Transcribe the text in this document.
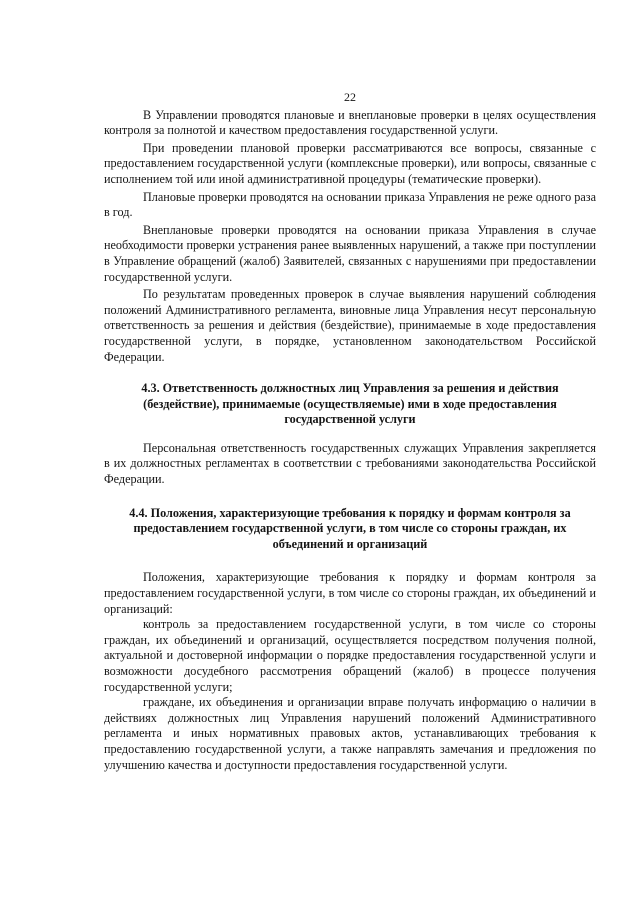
22

В Управлении проводятся плановые и внеплановые проверки в целях осуществления контроля за полнотой и качеством предоставления государственной услуги.

При проведении плановой проверки рассматриваются все вопросы, связанные с предоставлением государственной услуги (комплексные проверки), или вопросы, связанные с исполнением той или иной административной процедуры (тематические проверки).

Плановые проверки проводятся на основании приказа Управления не реже одного раза в год.

Внеплановые проверки проводятся на основании приказа Управления в случае необходимости проверки устранения ранее выявленных нарушений, а также при поступлении в Управление обращений (жалоб) Заявителей, связанных с нарушениями при предоставлении государственной услуги.

По результатам проведенных проверок в случае выявления нарушений соблюдения положений Административного регламента, виновные лица Управления несут персональную ответственность за решения и действия (бездействие), принимаемые в ходе предоставления государственной услуги, в порядке, установленном законодательством Российской Федерации.

4.3. Ответственность должностных лиц Управления за решения и действия (бездействие), принимаемые (осуществляемые) ими в ходе предоставления государственной услуги

Персональная ответственность государственных служащих Управления закрепляется в их должностных регламентах в соответствии с требованиями законодательства Российской Федерации.

4.4. Положения, характеризующие требования к порядку и формам контроля за предоставлением государственной услуги, в том числе со стороны граждан, их объединений и организаций

Положения, характеризующие требования к порядку и формам контроля за предоставлением государственной услуги, в том числе со стороны граждан, их объединений и организаций:

контроль за предоставлением государственной услуги, в том числе со стороны граждан, их объединений и организаций, осуществляется посредством получения полной, актуальной и достоверной информации о порядке предоставления государственной услуги и возможности досудебного рассмотрения обращений (жалоб) в процессе получения государственной услуги;

граждане, их объединения и организации вправе получать информацию о наличии в действиях должностных лиц Управления нарушений положений Административного регламента и иных нормативных правовых актов, устанавливающих требования к предоставлению государственной услуги, а также направлять замечания и предложения по улучшению качества и доступности предоставления государственной услуги.
